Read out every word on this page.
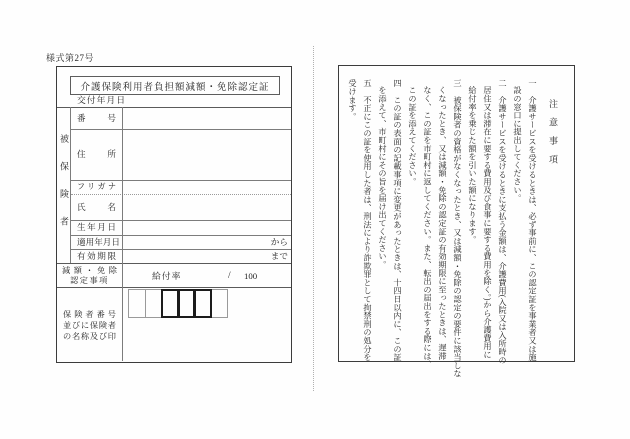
様式第27号
介護保険利用者負担額減額・免除認定証
交付年月日
被保険者
番号
住所
フリガナ
氏名
生年月日
適用年月日
有効期限
から
まで
減額・免除
認定事項	給付率	/ 100
保険者番号
並びに保険者
の名称及び印
注意事項
一　介護サービスを受けるときは、必ず事前に、この認定証を事業者又は施
設の窓口に提出してください。
二　介護サービスを受けるときに支払う金額は、介護費用(入院又は入所時の
居住又は滞在に要する費用及び食事に要する費用を除く。)から介護費用に
給付率を乗じた額を引いた額になります。
三　被保険者の資格がなくなったとき、又は減額・免除の認定の要件に該当しな
くなったとき、又は減額・免除の認定証の有効期限に至ったときは、遅滞
なく、この証を市町村に返してください。また、転出の届出をする際には、
この証を添えてください。
四　この証の表面の記載事項に変更があったときは、十四日以内に、この証
を添えて、市町村にその旨を届け出てください。
五　不正にこの証を使用した者は、刑法により詐欺罪として拘禁刑の処分を
受けます。
